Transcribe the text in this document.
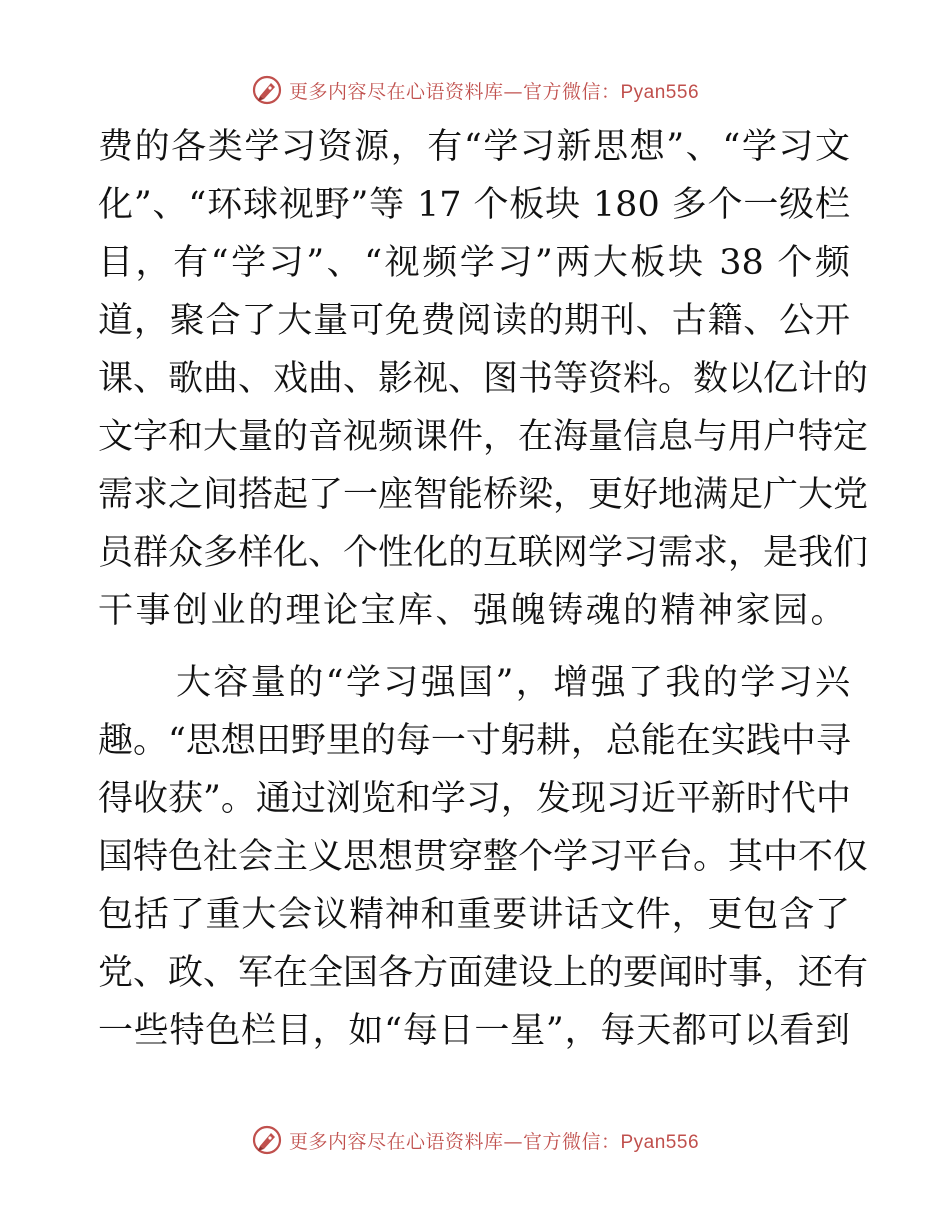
更多内容尽在心语资料库—官方微信：Pyan556
费的各类学习资源，有“学习新思想”、“学习文
化”、“环球视野”等 17 个板块 180 多个一级栏
目，有“学习”、“视频学习”两大板块 38 个频
道，聚合了大量可免费阅读的期刊、古籍、公开
课、歌曲、戏曲、影视、图书等资料。数以亿计的
文字和大量的音视频课件，在海量信息与用户特定
需求之间搭起了一座智能桥梁，更好地满足广大党
员群众多样化、个性化的互联网学习需求，是我们
干事创业的理论宝库、强魄铸魂的精神家园。
大容量的“学习强国”，增强了我的学习兴
趣。“思想田野里的每一寸躬耕，总能在实践中寻
得收获”。通过浏览和学习，发现习近平新时代中
国特色社会主义思想贯穿整个学习平台。其中不仅
包括了重大会议精神和重要讲话文件，更包含了
党、政、军在全国各方面建设上的要闻时事，还有
一些特色栏目，如“每日一星”，每天都可以看到
更多内容尽在心语资料库—官方微信：Pyan556
